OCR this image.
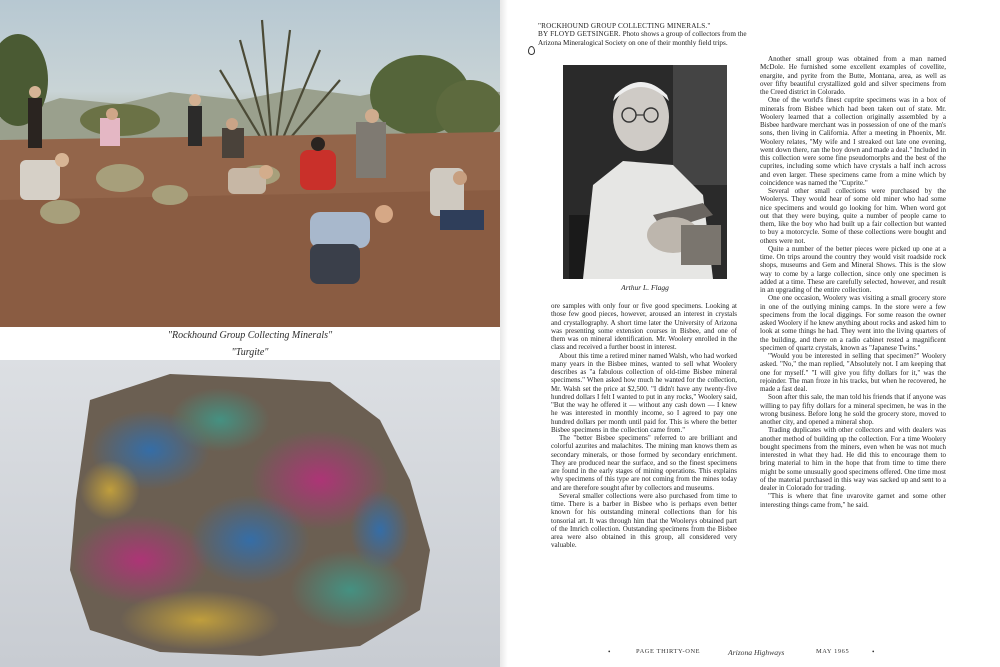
"Rockhound Group Collecting Minerals"
"Turgite"
"ROCKHOUND GROUP COLLECTING MINERALS."
BY FLOYD GETSINGER. Photo shows a group of collectors from the Arizona Mineralogical Society on one of their monthly field trips.
Arthur L. Flagg

ore samples with only four or five good specimens. Looking at those few good pieces, however, aroused an interest in crystals and crystallography. A short time later the University of Arizona was presenting some extension courses in Bisbee, and one of them was on mineral identification. Mr. Woolery enrolled in the class and received a further boost in interest.

About this time a retired miner named Walsh, who had worked many years in the Bisbee mines, wanted to sell what Woolery describes as "a fabulous collection of old-time Bisbee mineral specimens." When asked how much he wanted for the collection, Mr. Walsh set the price at $2,500. "I didn't have any twenty-five hundred dollars I felt I wanted to put in any rocks," Woolery said, "But the way he offered it — without any cash down — I knew he was interested in monthly income, so I agreed to pay one hundred dollars per month until paid for. This is where the better Bisbee specimens in the collection came from."

The "better Bisbee specimens" referred to are brilliant and colorful azurites and malachites. The mining man knows them as secondary minerals, or those formed by secondary enrichment. They are produced near the surface, and so the finest specimens are found in the early stages of mining operations. This explains why specimens of this type are not coming from the mines today and are therefore sought after by collectors and museums.

Several smaller collections were also purchased from time to time. There is a barber in Bisbee who is perhaps even better known for his outstanding mineral collections than for his tonsorial art. It was through him that the Woolerys obtained part of the Imrich collection. Outstanding specimens from the Bisbee area were also obtained in this group, all considered very valuable.

Another small group was obtained from a man named McDole. He furnished some excellent examples of covellite, enargite, and pyrite from the Butte, Montana, area, as well as over fifty beautiful crystallized gold and silver specimens from the Creed district in Colorado.

One of the world's finest cuprite specimens was in a box of minerals from Bisbee which had been taken out of state. Mr. Woolery learned that a collection originally assembled by a Bisbee hardware merchant was in possession of one of the man's sons, then living in California. After a meeting in Phoenix, Mr. Woolery relates, "My wife and I streaked out late one evening, went down there, ran the boy down and made a deal." Included in this collection were some fine pseudomorphs and the best of the cuprites, including some which have crystals a half inch across and even larger. These specimens came from a mine which by coincidence was named the "Cuprite."

Several other small collections were purchased by the Woolerys. They would hear of some old miner who had some nice specimens and would go looking for him. When word got out that they were buying, quite a number of people came to them, like the boy who had built up a fair collection but wanted to buy a motorcycle. Some of these collections were bought and others were not.

Quite a number of the better pieces were picked up one at a time. On trips around the country they would visit roadside rock shops, museums and Gem and Mineral Shows. This is the slow way to come by a large collection, since only one specimen is added at a time. These are carefully selected, however, and result in an upgrading of the entire collection.

One one occasion, Woolery was visiting a small grocery store in one of the outlying mining camps. In the store were a few specimens from the local diggings. For some reason the owner asked Woolery if he knew anything about rocks and asked him to look at some things he had. They went into the living quarters of the building, and there on a radio cabinet rested a magnificent specimen of quartz crystals, known as "Japanese Twins."

"Would you be interested in selling that specimen?" Woolery asked. "No," the man replied, "Absolutely not. I am keeping that one for myself." "I will give you fifty dollars for it," was the rejoinder. The man froze in his tracks, but when he recovered, he made a fast deal.

Soon after this sale, the man told his friends that if anyone was willing to pay fifty dollars for a mineral specimen, he was in the wrong business. Before long he sold the grocery store, moved to another city, and opened a mineral shop.

Trading duplicates with other collectors and with dealers was another method of building up the collection. For a time Woolery bought specimens from the miners, even when he was not much interested in what they had. He did this to encourage them to bring material to him in the hope that from time to time there might be some unusually good specimens offered. One time most of the material purchased in this way was sacked up and sent to a dealer in Colorado for trading.

"This is where that fine uvarovite garnet and some other interesting things came from," he said.

•	PAGE THIRTY-ONE	Arizona Highways	MAY 1965	•
